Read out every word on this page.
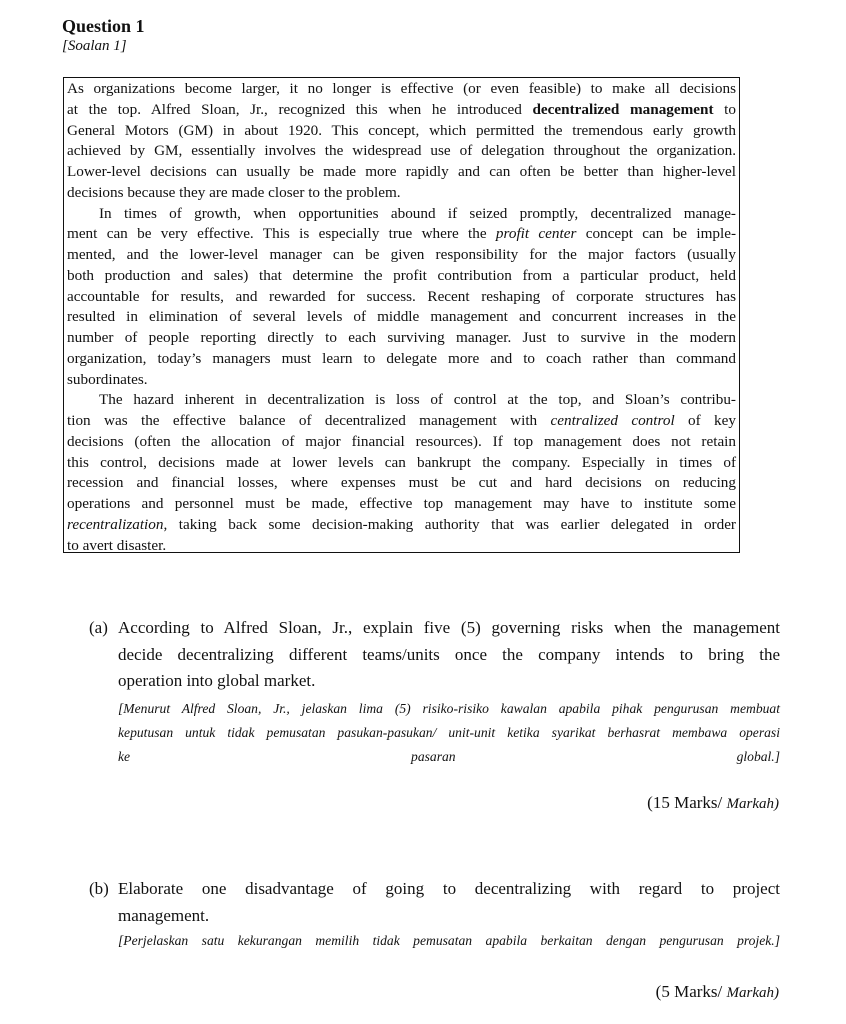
Question 1
[Soalan 1]
As organizations become larger, it no longer is effective (or even feasible) to make all decisions
at the top. Alfred Sloan, Jr., recognized this when he introduced decentralized management to
General Motors (GM) in about 1920. This concept, which permitted the tremendous early growth
achieved by GM, essentially involves the widespread use of delegation throughout the organization.
Lower-level decisions can usually be made more rapidly and can often be better than higher-level
decisions because they are made closer to the problem.
In times of growth, when opportunities abound if seized promptly, decentralized manage-
ment can be very effective. This is especially true where the profit center concept can be imple-
mented, and the lower-level manager can be given responsibility for the major factors (usually
both production and sales) that determine the profit contribution from a particular product, held
accountable for results, and rewarded for success. Recent reshaping of corporate structures has
resulted in elimination of several levels of middle management and concurrent increases in the
number of people reporting directly to each surviving manager. Just to survive in the modern
organization, today’s managers must learn to delegate more and to coach rather than command
subordinates.
The hazard inherent in decentralization is loss of control at the top, and Sloan’s contribu-
tion was the effective balance of decentralized management with centralized control of key
decisions (often the allocation of major financial resources). If top management does not retain
this control, decisions made at lower levels can bankrupt the company. Especially in times of
recession and financial losses, where expenses must be cut and hard decisions on reducing
operations and personnel must be made, effective top management may have to institute some
recentralization, taking back some decision-making authority that was earlier delegated in order
to avert disaster.
(a) According to Alfred Sloan, Jr., explain five (5) governing risks when the management
decide decentralizing different teams/units once the company intends to bring the
operation into global market.
[Menurut Alfred Sloan, Jr., jelaskan lima (5) risiko-risiko kawalan apabila pihak pengurusan membuat
keputusan untuk tidak pemusatan pasukan-pasukan/ unit-unit ketika syarikat berhasrat membawa operasi
ke pasaran global.]
(15 Marks/ Markah)
(b) Elaborate one disadvantage of going to decentralizing with regard to project
management.
[Perjelaskan satu kekurangan memilih tidak pemusatan apabila berkaitan dengan pengurusan projek.]
(5 Marks/ Markah)
